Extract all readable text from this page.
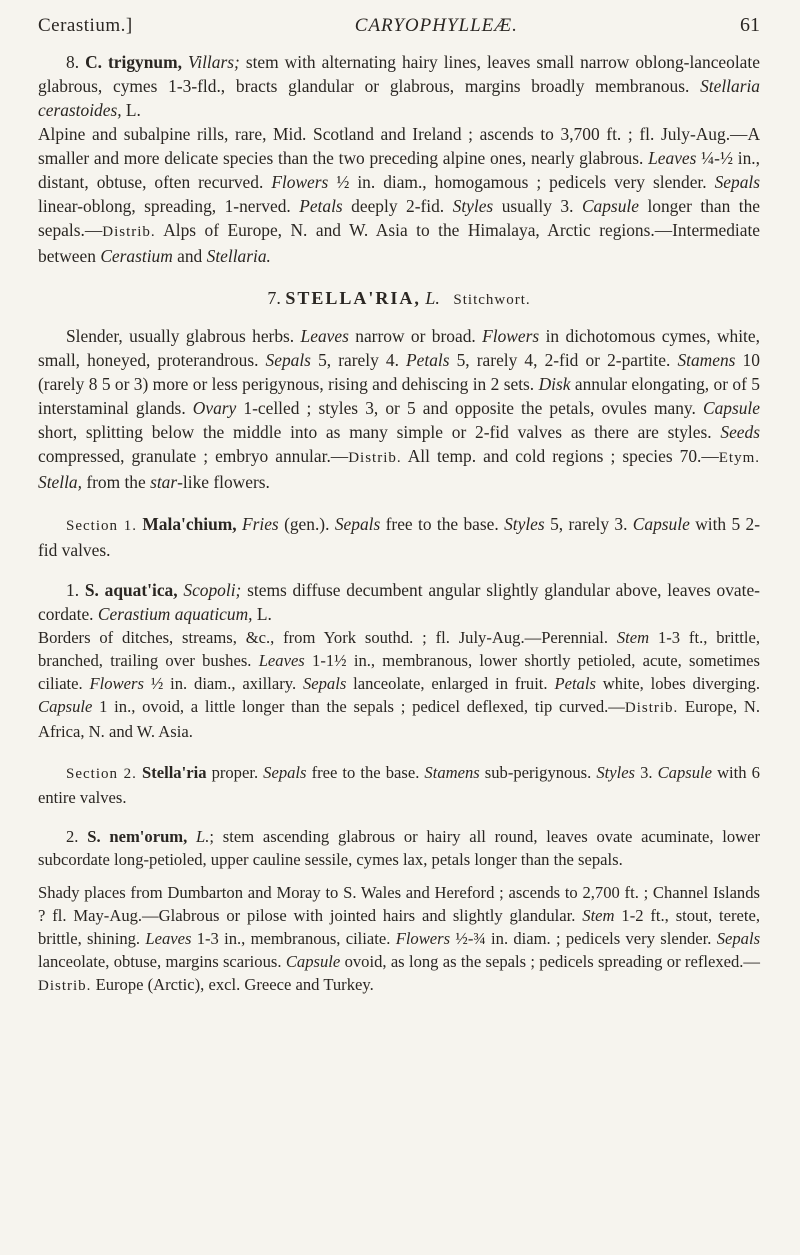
Cerastium.]	CARYOPHYLLEÆ.	61

8. C. trigynum, Villars; stem with alternating hairy lines, leaves small narrow oblong-lanceolate glabrous, cymes 1-3-fld., bracts glandular or glabrous, margins broadly membranous. Stellaria cerastoides, L.

Alpine and subalpine rills, rare, Mid. Scotland and Ireland ; ascends to 3,700 ft. ; fl. July-Aug.—A smaller and more delicate species than the two preceding alpine ones, nearly glabrous. Leaves ¼-½ in., distant, obtuse, often recurved. Flowers ½ in. diam., homogamous ; pedicels very slender. Sepals linear-oblong, spreading, 1-nerved. Petals deeply 2-fid. Styles usually 3. Capsule longer than the sepals.—Distrib. Alps of Europe, N. and W. Asia to the Himalaya, Arctic regions.—Intermediate between Cerastium and Stellaria.

7. STELLA'RIA, L. Stitchwort.

Slender, usually glabrous herbs. Leaves narrow or broad. Flowers in dichotomous cymes, white, small, honeyed, proterandrous. Sepals 5, rarely 4. Petals 5, rarely 4, 2-fid or 2-partite. Stamens 10 (rarely 8 5 or 3) more or less perigynous, rising and dehiscing in 2 sets. Disk annular elongating, or of 5 interstaminal glands. Ovary 1-celled ; styles 3, or 5 and opposite the petals, ovules many. Capsule short, splitting below the middle into as many simple or 2-fid valves as there are styles. Seeds compressed, granulate ; embryo annular.—Distrib. All temp. and cold regions ; species 70.—Etym. Stella, from the star-like flowers.

Section 1. Mala'chium, Fries (gen.). Sepals free to the base. Styles 5, rarely 3. Capsule with 5 2-fid valves.

1. S. aquat'ica, Scopoli; stems diffuse decumbent angular slightly glandular above, leaves ovate-cordate. Cerastium aquaticum, L.

Borders of ditches, streams, &c., from York southd. ; fl. July-Aug.—Perennial. Stem 1-3 ft., brittle, branched, trailing over bushes. Leaves 1-1½ in., membranous, lower shortly petioled, acute, sometimes ciliate. Flowers ½ in. diam., axillary. Sepals lanceolate, enlarged in fruit. Petals white, lobes diverging. Capsule 1 in., ovoid, a little longer than the sepals ; pedicel deflexed, tip curved.—Distrib. Europe, N. Africa, N. and W. Asia.

Section 2. Stella'ria proper. Sepals free to the base. Stamens sub-perigynous. Styles 3. Capsule with 6 entire valves.

2. S. nem'orum, L.; stem ascending glabrous or hairy all round, leaves ovate acuminate, lower subcordate long-petioled, upper cauline sessile, cymes lax, petals longer than the sepals.

Shady places from Dumbarton and Moray to S. Wales and Hereford ; ascends to 2,700 ft. ; Channel Islands ? fl. May-Aug.—Glabrous or pilose with jointed hairs and slightly glandular. Stem 1-2 ft., stout, terete, brittle, shining. Leaves 1-3 in., membranous, ciliate. Flowers ½-¾ in. diam. ; pedicels very slender. Sepals lanceolate, obtuse, margins scarious. Capsule ovoid, as long as the sepals ; pedicels spreading or reflexed.—Distrib. Europe (Arctic), excl. Greece and Turkey.
